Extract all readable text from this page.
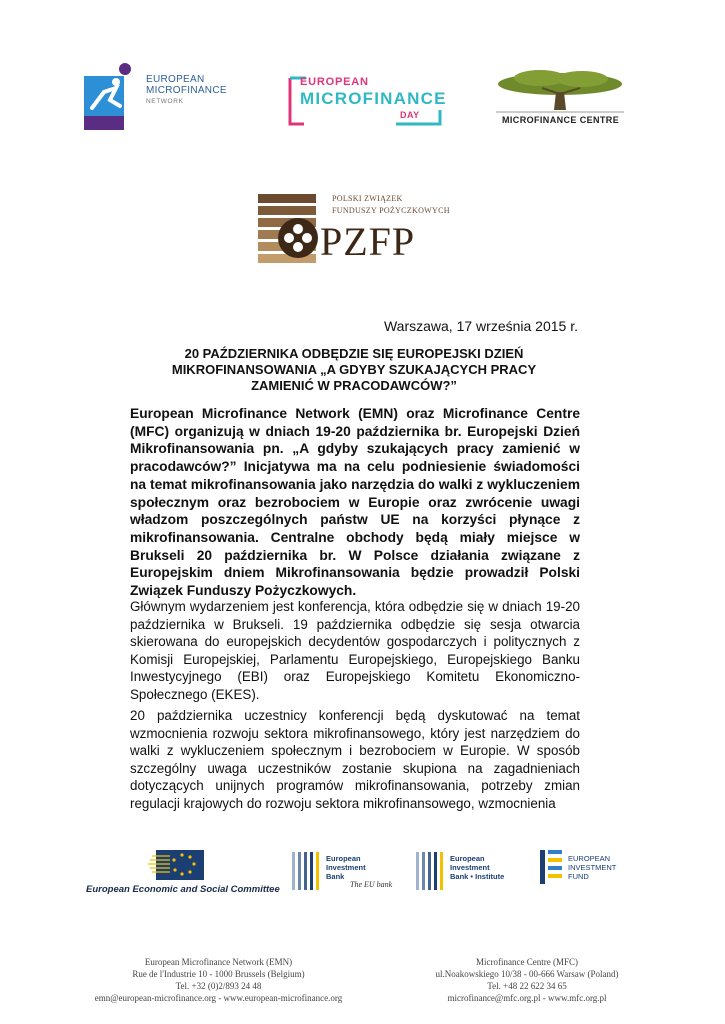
EUROPEAN
MICROFINANCE
NETWORK
EUROPEAN
MICROFINANCE
DAY	MICROFINANCE CENTRE
POLSKI ZWIĄZEK
FUNDUSZY POŻYCZKOWYCH
PZFP
Warszawa, 17 września 2015 r.
20 PAŹDZIERNIKA ODBĘDZIE SIĘ EUROPEJSKI DZIEŃ
MIKROFINANSOWANIA „A GDYBY SZUKAJĄCYCH PRACY
ZAMIENIĆ W PRACODAWCÓW?”
European Microfinance Network (EMN) oraz Microfinance Centre (MFC) organizują w dniach 19-20 października br. Europejski Dzień Mikrofinansowania pn. „A gdyby szukających pracy zamienić w pracodawców?” Inicjatywa ma na celu podniesienie świadomości na temat mikrofinansowania jako narzędzia do walki z wykluczeniem społecznym oraz bezrobociem w Europie oraz zwrócenie uwagi władzom poszczególnych państw UE na korzyści płynące z mikrofinansowania. Centralne obchody będą miały miejsce w Brukseli 20 października br. W Polsce działania związane z Europejskim dniem Mikrofinansowania będzie prowadził Polski Związek Funduszy Pożyczkowych.
Głównym wydarzeniem jest konferencja, która odbędzie się w dniach 19-20 października w Brukseli. 19 października odbędzie się sesja otwarcia skierowana do europejskich decydentów gospodarczych i politycznych z Komisji Europejskiej, Parlamentu Europejskiego, Europejskiego Banku Inwestycyjnego (EBI) oraz Europejskiego Komitetu Ekonomiczno-Społecznego (EKES).
20 października uczestnicy konferencji będą dyskutować na temat wzmocnienia rozwoju sektora mikrofinansowego, który jest narzędziem do walki z wykluczeniem społecznym i bezrobociem w Europie. W sposób szczególny uwaga uczestników zostanie skupiona na zagadnieniach dotyczących unijnych programów mikrofinansowania, potrzeby zmian regulacji krajowych do rozwoju sektora mikrofinansowego, wzmocnienia
European Economic and Social Committee
European
Investment
Bank
The EU bank
European
Investment
Bank • Institute
EUROPEAN
INVESTMENT
FUND
European Microfinance Network (EMN)
Rue de l'Industrie 10 - 1000 Brussels (Belgium)
Tel. +32 (0)2/893 24 48
emn@european-microfinance.org - www.european-microfinance.org
Microfinance Centre (MFC)
ul.Noakowskiego 10/38 - 00-666 Warsaw (Poland)
Tel. +48 22 622 34 65
microfinance@mfc.org.pl - www.mfc.org.pl
